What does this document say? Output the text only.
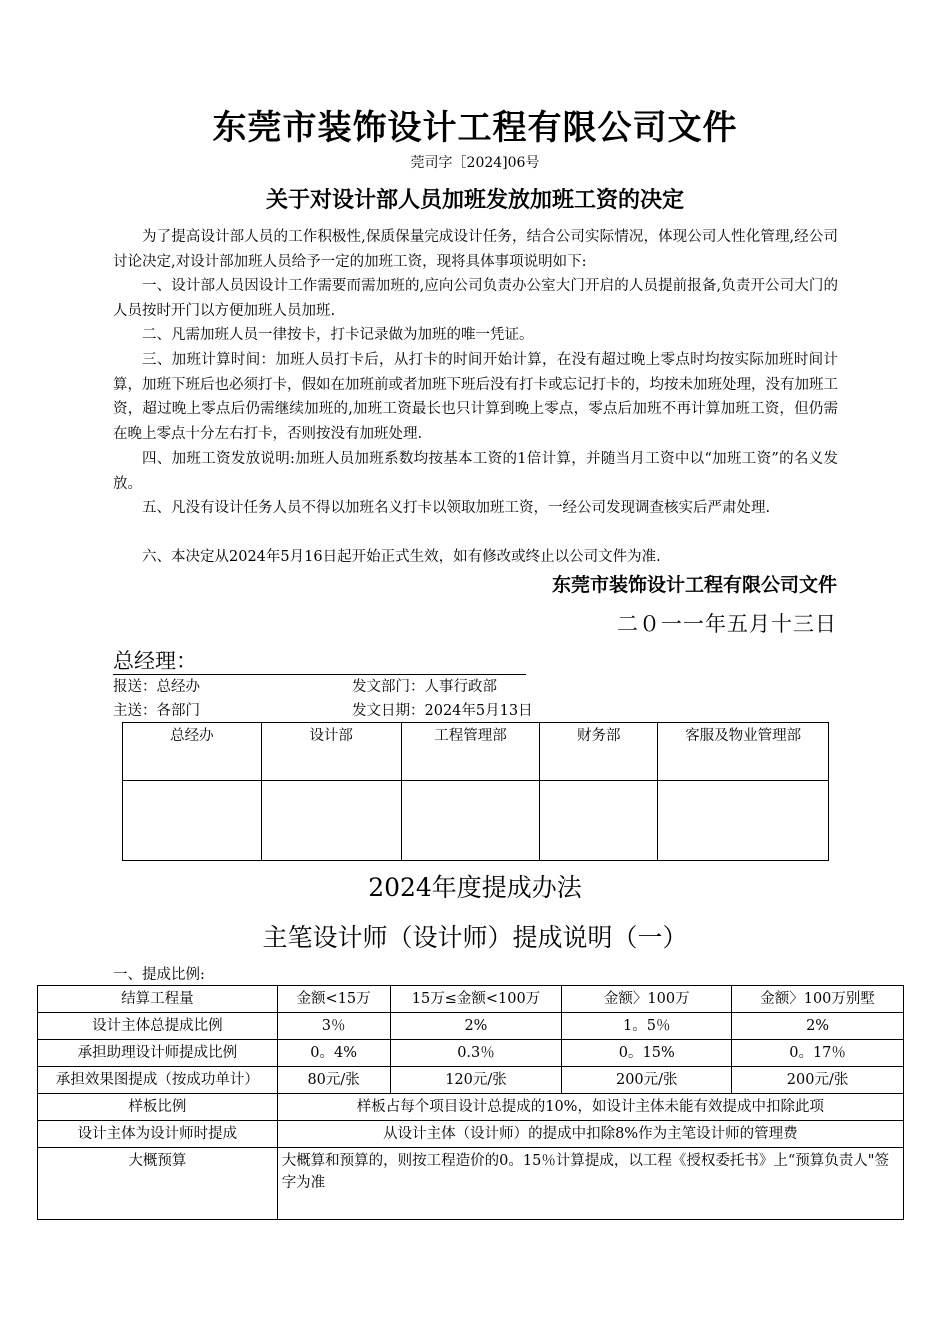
东莞市装饰设计工程有限公司文件
莞司字［2024]06号
关于对设计部人员加班发放加班工资的决定
为了提高设计部人员的工作积极性,保质保量完成设计任务，结合公司实际情况，体现公司人性化管理,经公司讨论决定,对设计部加班人员给予一定的加班工资，现将具体事项说明如下:
一、设计部人员因设计工作需要而需加班的,应向公司负责办公室大门开启的人员提前报备,负责开公司大门的人员按时开门以方便加班人员加班.
二、凡需加班人员一律按卡，打卡记录做为加班的唯一凭证。
三、加班计算时间：加班人员打卡后，从打卡的时间开始计算，在没有超过晚上零点时均按实际加班时间计算，加班下班后也必须打卡，假如在加班前或者加班下班后没有打卡或忘记打卡的，均按未加班处理，没有加班工资，超过晚上零点后仍需继续加班的,加班工资最长也只计算到晚上零点，零点后加班不再计算加班工资，但仍需在晚上零点十分左右打卡，否则按没有加班处理.
四、加班工资发放说明:加班人员加班系数均按基本工资的1倍计算，并随当月工资中以“加班工资”的名义发放。
五、凡没有设计任务人员不得以加班名义打卡以领取加班工资，一经公司发现调查核实后严肃处理.
六、本决定从2024年5月16日起开始正式生效，如有修改或终止以公司文件为准.
东莞市装饰设计工程有限公司文件
二０一一年五月十三日
总经理：
报送：总经办	发文部门：人事行政部
主送：各部门	发文日期：2024年5月13日
总经办	设计部	工程管理部	财务部	客服及物业管理部

2024年度提成办法
主笔设计师（设计师）提成说明（一）
一、提成比例:
结算工程量	金额<15万	15万≤金额<100万	金额〉100万	金额〉100万别墅
设计主体总提成比例	3％	2%	1。5％	2%
承担助理设计师提成比例	0。4%	0.3％	0。15%	0。17％
承担效果图提成（按成功单计）	80元/张	120元/张	200元/张	200元/张
样板比例	样板占每个项目设计总提成的10%，如设计主体未能有效提成中扣除此项			
设计主体为设计师时提成	从设计主体（设计师）的提成中扣除8%作为主笔设计师的管理费			
大概预算	大概算和预算的，则按工程造价的0。15％计算提成，以工程《授权委托书》上“预算负责人"签字为准			
